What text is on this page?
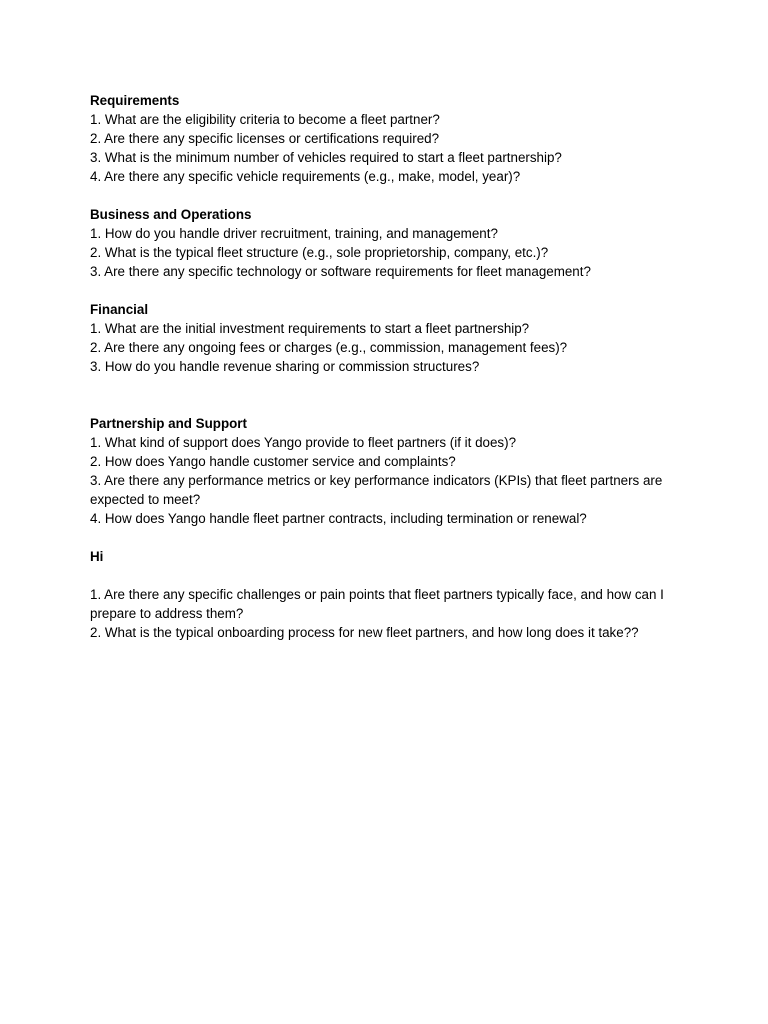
Requirements
1. What are the eligibility criteria to become a fleet partner?
2. Are there any specific licenses or certifications required?
3. What is the minimum number of vehicles required to start a fleet partnership?
4. Are there any specific vehicle requirements (e.g., make, model, year)?
Business and Operations
1. How do you handle driver recruitment, training, and management?
2. What is the typical fleet structure (e.g., sole proprietorship, company, etc.)?
3. Are there any specific technology or software requirements for fleet management?
Financial
1. What are the initial investment requirements to start a fleet partnership?
2. Are there any ongoing fees or charges (e.g., commission, management fees)?
3. How do you handle revenue sharing or commission structures?
Partnership and Support
1. What kind of support does Yango provide to fleet partners (if it does)?
2. How does Yango handle customer service and complaints?
3. Are there any performance metrics or key performance indicators (KPIs) that fleet partners are expected to meet?
4. How does Yango handle fleet partner contracts, including termination or renewal?
Hi
1. Are there any specific challenges or pain points that fleet partners typically face, and how can I prepare to address them?
2. What is the typical onboarding process for new fleet partners, and how long does it take??
